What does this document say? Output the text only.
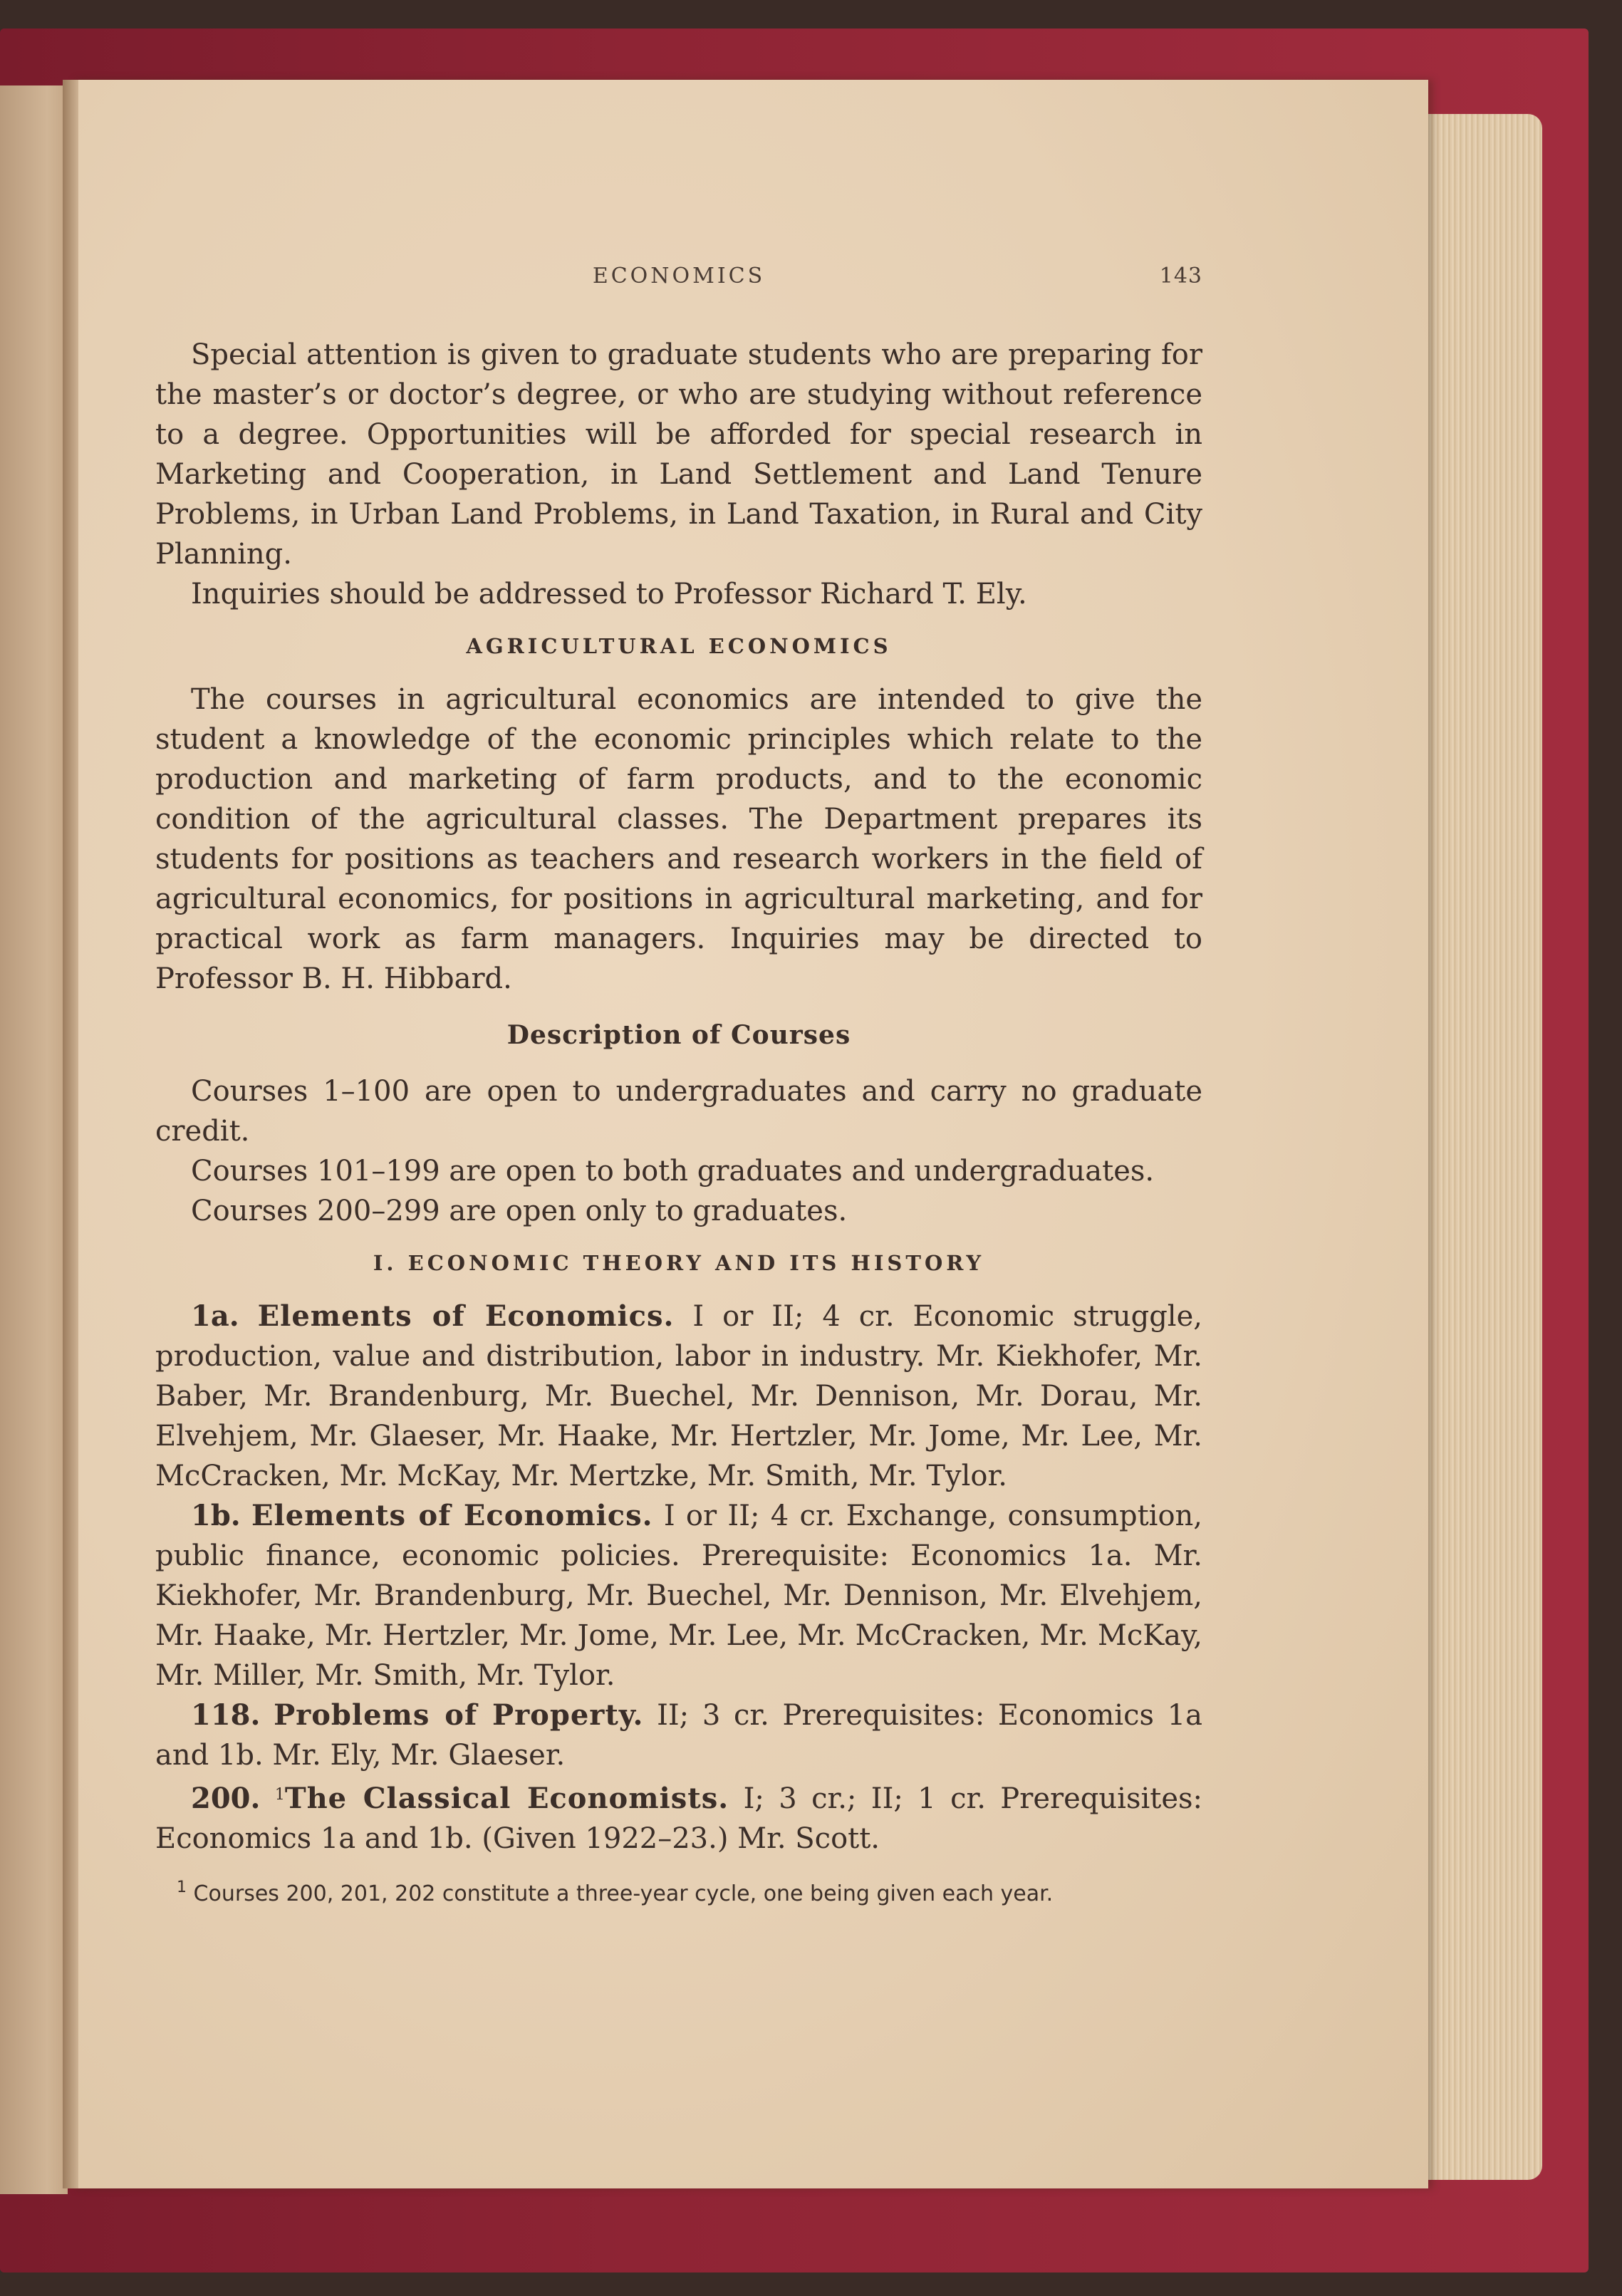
ECONOMICS	143

Special attention is given to graduate students who are preparing for the master’s or doctor’s degree, or who are studying without reference to a degree. Opportunities will be afforded for special research in Marketing and Cooperation, in Land Settlement and Land Tenure Problems, in Urban Land Problems, in Land Taxation, in Rural and City Planning.

Inquiries should be addressed to Professor Richard T. Ely.

AGRICULTURAL ECONOMICS

The courses in agricultural economics are intended to give the student a knowledge of the economic principles which relate to the production and marketing of farm products, and to the economic condition of the agricultural classes. The Department prepares its students for positions as teachers and research workers in the field of agricultural economics, for positions in agricultural marketing, and for practical work as farm managers. Inquiries may be directed to Professor B. H. Hibbard.

Description of Courses

Courses 1–100 are open to undergraduates and carry no graduate credit.

Courses 101–199 are open to both graduates and undergraduates.

Courses 200–299 are open only to graduates.

I. ECONOMIC THEORY AND ITS HISTORY

1a. Elements of Economics. I or II; 4 cr. Economic struggle, production, value and distribution, labor in industry. Mr. Kiekhofer, Mr. Baber, Mr. Brandenburg, Mr. Buechel, Mr. Dennison, Mr. Dorau, Mr. Elvehjem, Mr. Glaeser, Mr. Haake, Mr. Hertzler, Mr. Jome, Mr. Lee, Mr. McCracken, Mr. McKay, Mr. Mertzke, Mr. Smith, Mr. Tylor.

1b. Elements of Economics. I or II; 4 cr. Exchange, consumption, public finance, economic policies. Prerequisite: Economics 1a. Mr. Kiekhofer, Mr. Brandenburg, Mr. Buechel, Mr. Dennison, Mr. Elvehjem, Mr. Haake, Mr. Hertzler, Mr. Jome, Mr. Lee, Mr. McCracken, Mr. McKay, Mr. Miller, Mr. Smith, Mr. Tylor.

118. Problems of Property. II; 3 cr. Prerequisites: Economics 1a and 1b. Mr. Ely, Mr. Glaeser.

200. $^1$The Classical Economists. I; 3 cr.; II; 1 cr. Prerequisites: Economics 1a and 1b. (Given 1922–23.) Mr. Scott.

$^1$ Courses 200, 201, 202 constitute a three-year cycle, one being given each year.
